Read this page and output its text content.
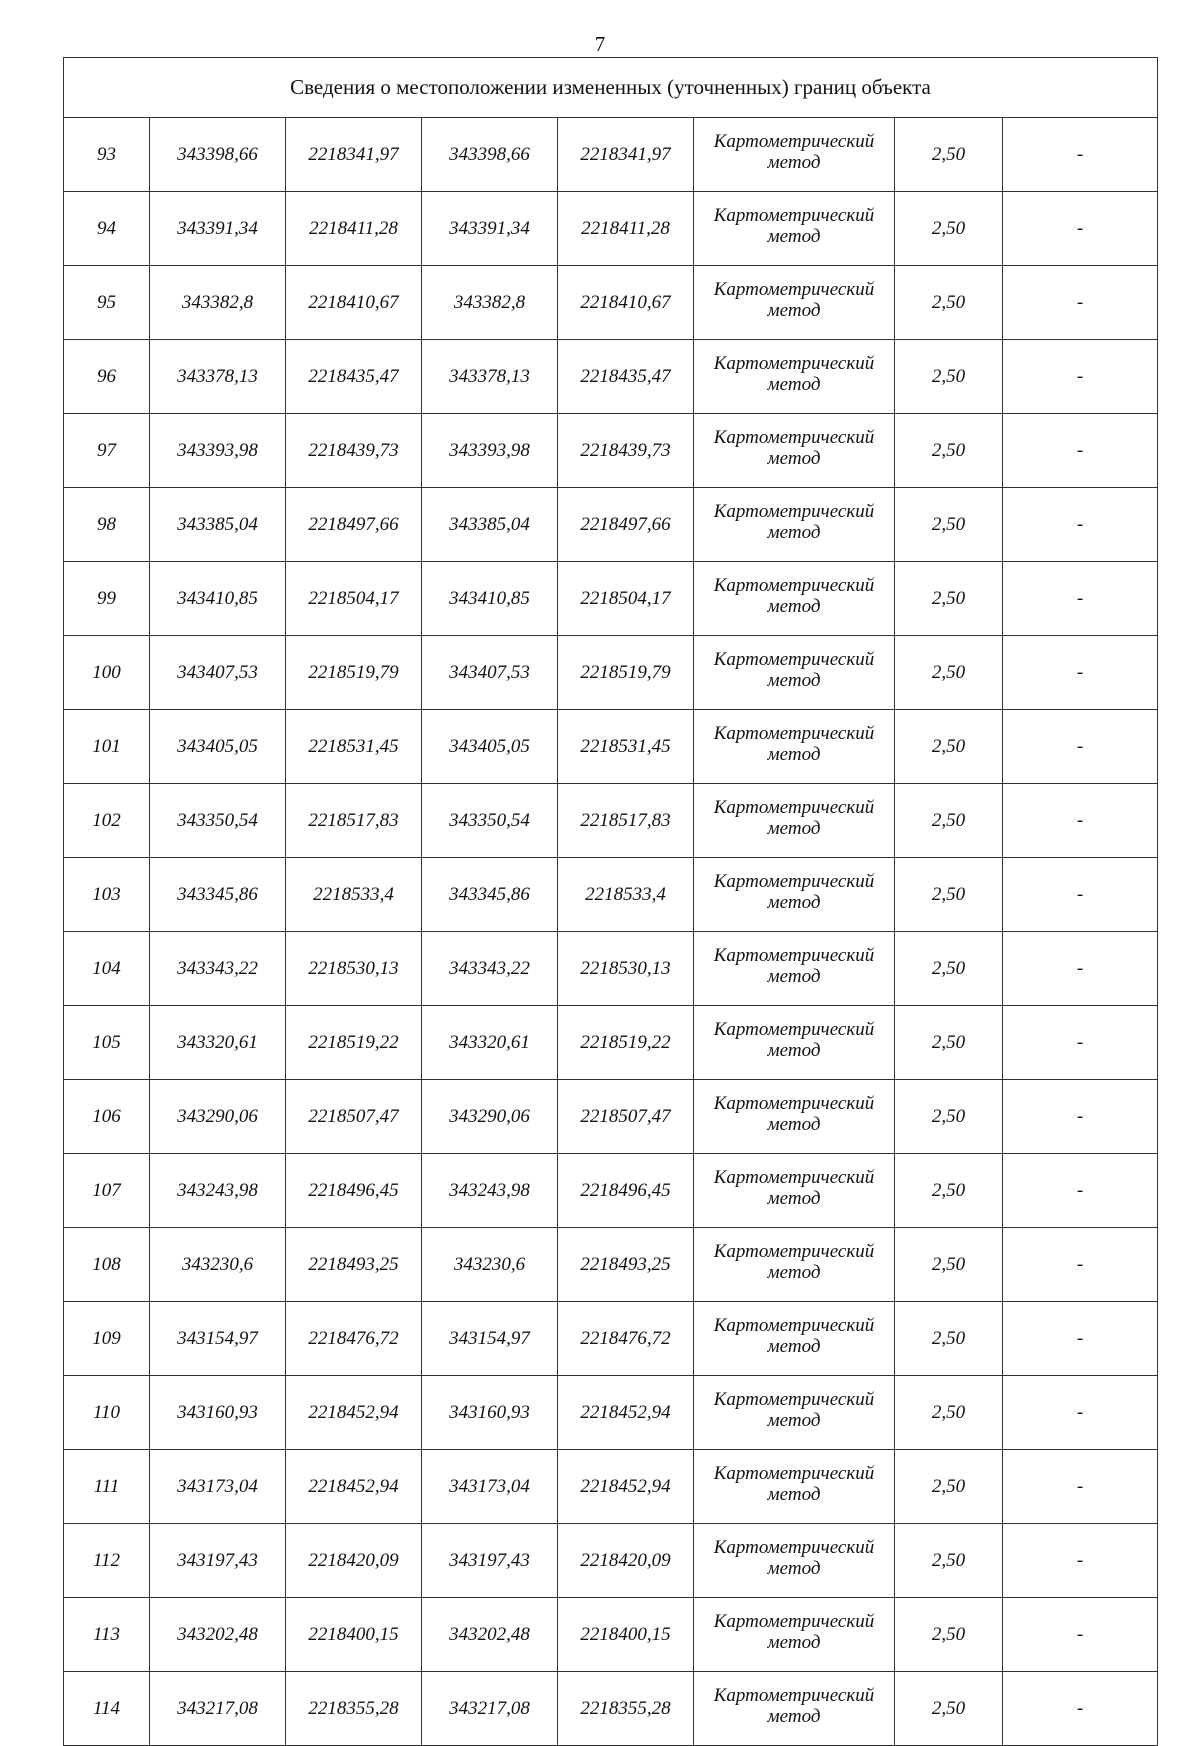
7
Сведения о местоположении измененных (уточненных) границ объекта							
93	343398,66	2218341,97	343398,66	2218341,97	Картометрический
метод	2,50	-
94	343391,34	2218411,28	343391,34	2218411,28	Картометрический
метод	2,50	-
95	343382,8	2218410,67	343382,8	2218410,67	Картометрический
метод	2,50	-
96	343378,13	2218435,47	343378,13	2218435,47	Картометрический
метод	2,50	-
97	343393,98	2218439,73	343393,98	2218439,73	Картометрический
метод	2,50	-
98	343385,04	2218497,66	343385,04	2218497,66	Картометрический
метод	2,50	-
99	343410,85	2218504,17	343410,85	2218504,17	Картометрический
метод	2,50	-
100	343407,53	2218519,79	343407,53	2218519,79	Картометрический
метод	2,50	-
101	343405,05	2218531,45	343405,05	2218531,45	Картометрический
метод	2,50	-
102	343350,54	2218517,83	343350,54	2218517,83	Картометрический
метод	2,50	-
103	343345,86	2218533,4	343345,86	2218533,4	Картометрический
метод	2,50	-
104	343343,22	2218530,13	343343,22	2218530,13	Картометрический
метод	2,50	-
105	343320,61	2218519,22	343320,61	2218519,22	Картометрический
метод	2,50	-
106	343290,06	2218507,47	343290,06	2218507,47	Картометрический
метод	2,50	-
107	343243,98	2218496,45	343243,98	2218496,45	Картометрический
метод	2,50	-
108	343230,6	2218493,25	343230,6	2218493,25	Картометрический
метод	2,50	-
109	343154,97	2218476,72	343154,97	2218476,72	Картометрический
метод	2,50	-
110	343160,93	2218452,94	343160,93	2218452,94	Картометрический
метод	2,50	-
111	343173,04	2218452,94	343173,04	2218452,94	Картометрический
метод	2,50	-
112	343197,43	2218420,09	343197,43	2218420,09	Картометрический
метод	2,50	-
113	343202,48	2218400,15	343202,48	2218400,15	Картометрический
метод	2,50	-
114	343217,08	2218355,28	343217,08	2218355,28	Картометрический
метод	2,50	-
